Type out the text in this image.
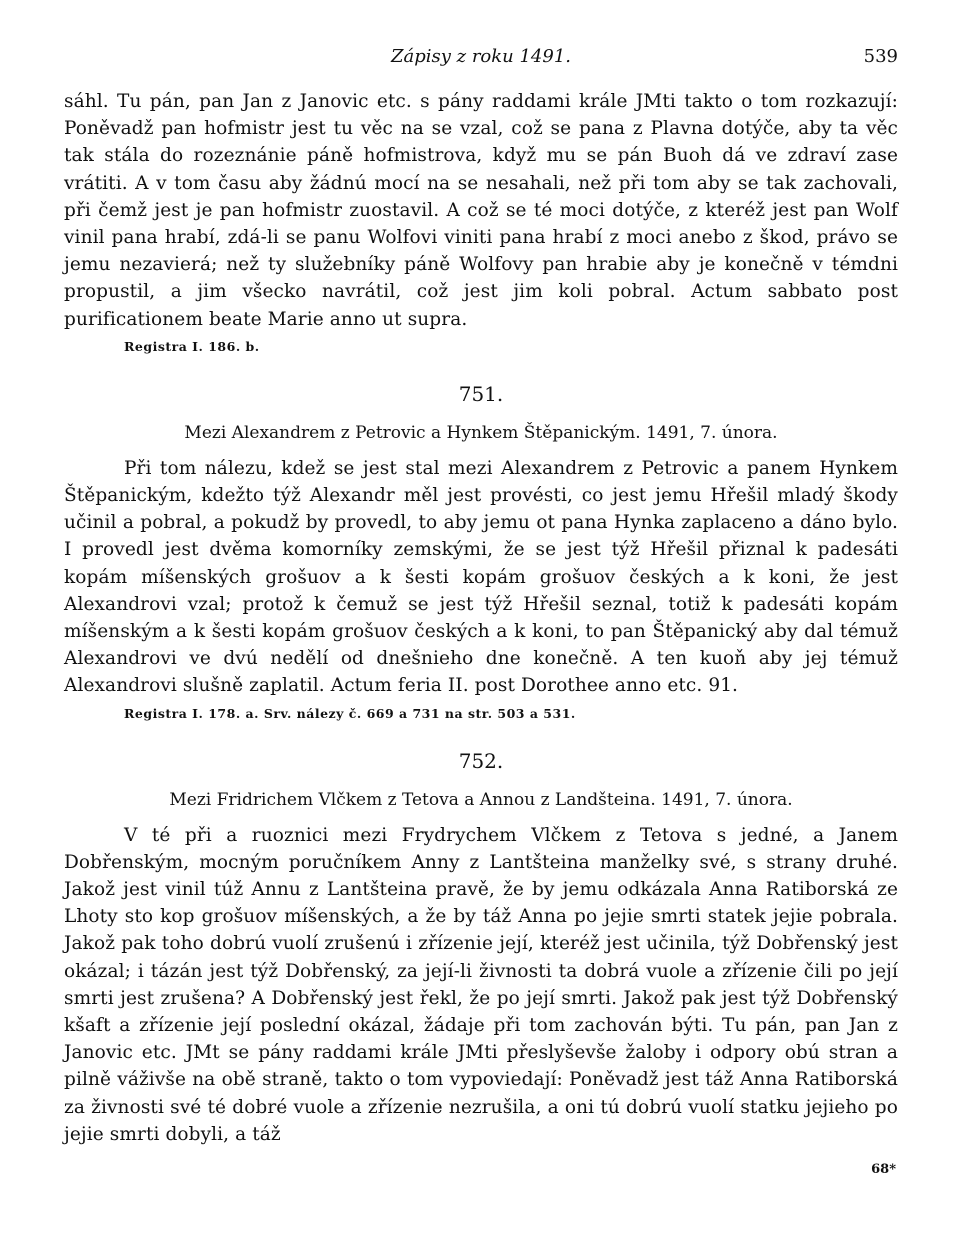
Zápisy z roku 1491.	539

sáhl. Tu pán, pan Jan z Janovic etc. s pány raddami krále JMti takto o tom rozkazují: Poněvadž pan hofmistr jest tu věc na se vzal, což se pana z Plavna dotýče, aby ta věc tak stála do rozeznánie páně hofmistrova, když mu se pán Buoh dá ve zdraví zase vrátiti. A v tom času aby žádnú mocí na se nesahali, než při tom aby se tak zachovali, při čemž jest je pan hofmistr zuostavil. A což se té moci dotýče, z kteréž jest pan Wolf vinil pana hrabí, zdá-li se panu Wolfovi viniti pana hrabí z moci anebo z škod, právo se jemu nezavierá; než ty služebníky páně Wolfovy pan hrabie aby je konečně v témdni propustil, a jim všecko navrátil, což jest jim koli pobral. Actum sabbato post purificationem beate Marie anno ut supra.

Registra I. 186. b.
751.
Mezi Alexandrem z Petrovic a Hynkem Štěpanickým. 1491, 7. února.

Při tom nálezu, kdež se jest stal mezi Alexandrem z Petrovic a panem Hynkem Štěpanickým, kdežto týž Alexandr měl jest provésti, co jest jemu Hřešil mladý škody učinil a pobral, a pokudž by provedl, to aby jemu ot pana Hynka zaplaceno a dáno bylo. I provedl jest dvěma komorníky zemskými, že se jest týž Hřešil přiznal k padesáti kopám míšenských grošuov a k šesti kopám grošuov českých a k koni, že jest Alexandrovi vzal; protož k čemuž se jest týž Hřešil seznal, totiž k padesáti kopám míšenským a k šesti kopám grošuov českých a k koni, to pan Štěpanický aby dal témuž Alexandrovi ve dvú nedělí od dnešnieho dne konečně. A ten kuoň aby jej témuž Alexandrovi slušně zaplatil. Actum feria II. post Dorothee anno etc. 91.

Registra I. 178. a. Srv. nálezy č. 669 a 731 na str. 503 a 531.
752.
Mezi Fridrichem Vlčkem z Tetova a Annou z Landšteina. 1491, 7. února.

V té při a ruoznici mezi Frydrychem Vlčkem z Tetova s jedné, a Janem Dobřenským, mocným poručníkem Anny z Lantšteina manželky své, s strany druhé. Jakož jest vinil túž Annu z Lantšteina pravě, že by jemu odkázala Anna Ratiborská ze Lhoty sto kop grošuov míšenských, a že by táž Anna po jejie smrti statek jejie pobrala. Jakož pak toho dobrú vuolí zrušenú i zřízenie její, kteréž jest učinila, týž Dobřenský jest okázal; i tázán jest týž Dobřenský, za její-li živnosti ta dobrá vuole a zřízenie čili po její smrti jest zrušena? A Dobřenský jest řekl, že po její smrti. Jakož pak jest týž Dobřenský kšaft a zřízenie její poslední okázal, žádaje při tom zachován býti. Tu pán, pan Jan z Janovic etc. JMt se pány raddami krále JMti přeslyševše žaloby i odpory obú stran a pilně váživše na obě straně, takto o tom vypoviedají: Poněvadž jest táž Anna Ratiborská za živnosti své té dobré vuole a zřízenie nezrušila, a oni tú dobrú vuolí statku jejieho po jejie smrti dobyli, a táž

68*
